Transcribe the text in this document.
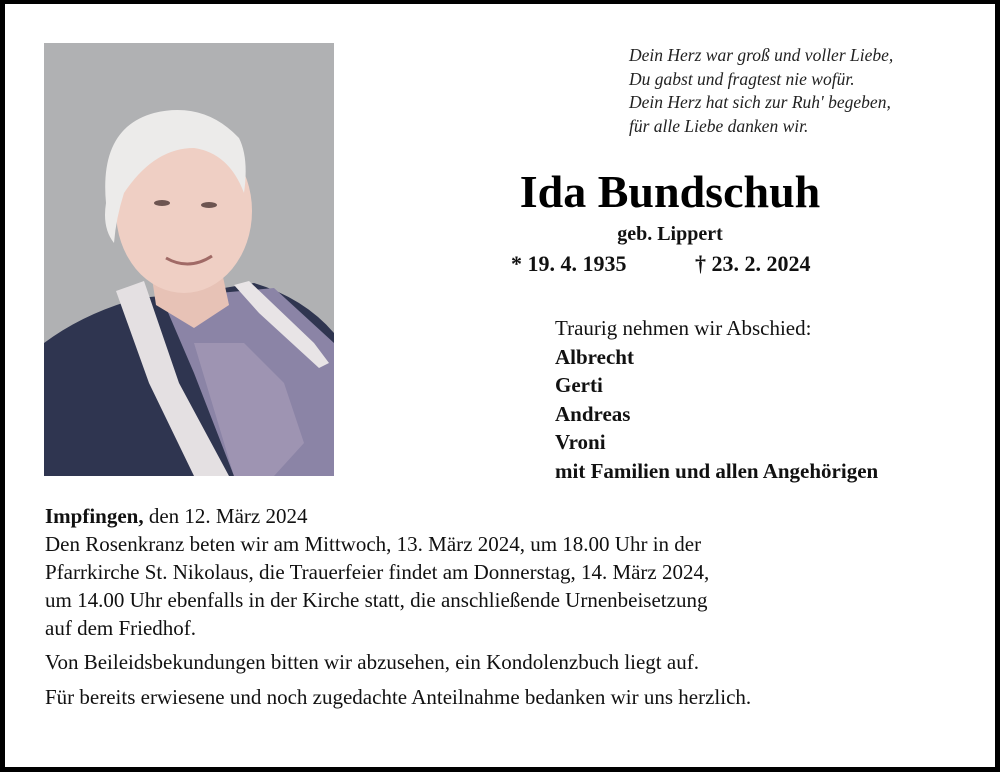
Dein Herz war groß und voller Liebe,
Du gabst und fragtest nie wofür.
Dein Herz hat sich zur Ruh' begeben,
für alle Liebe danken wir.
Ida Bundschuh
geb. Lippert
* 19. 4. 1935	† 23. 2. 2024
Traurig nehmen wir Abschied:
Albrecht
Gerti
Andreas
Vroni
mit Familien und allen Angehörigen

Impfingen, den 12. März 2024

Den Rosenkranz beten wir am Mittwoch, 13. März 2024, um 18.00 Uhr in der
Pfarrkirche St. Nikolaus, die Trauerfeier findet am Donnerstag, 14. März 2024,
um 14.00 Uhr ebenfalls in der Kirche statt, die anschließende Urnenbeisetzung
auf dem Friedhof.

Von Beileidsbekundungen bitten wir abzusehen, ein Kondolenzbuch liegt auf.

Für bereits erwiesene und noch zugedachte Anteilnahme bedanken wir uns herzlich.
